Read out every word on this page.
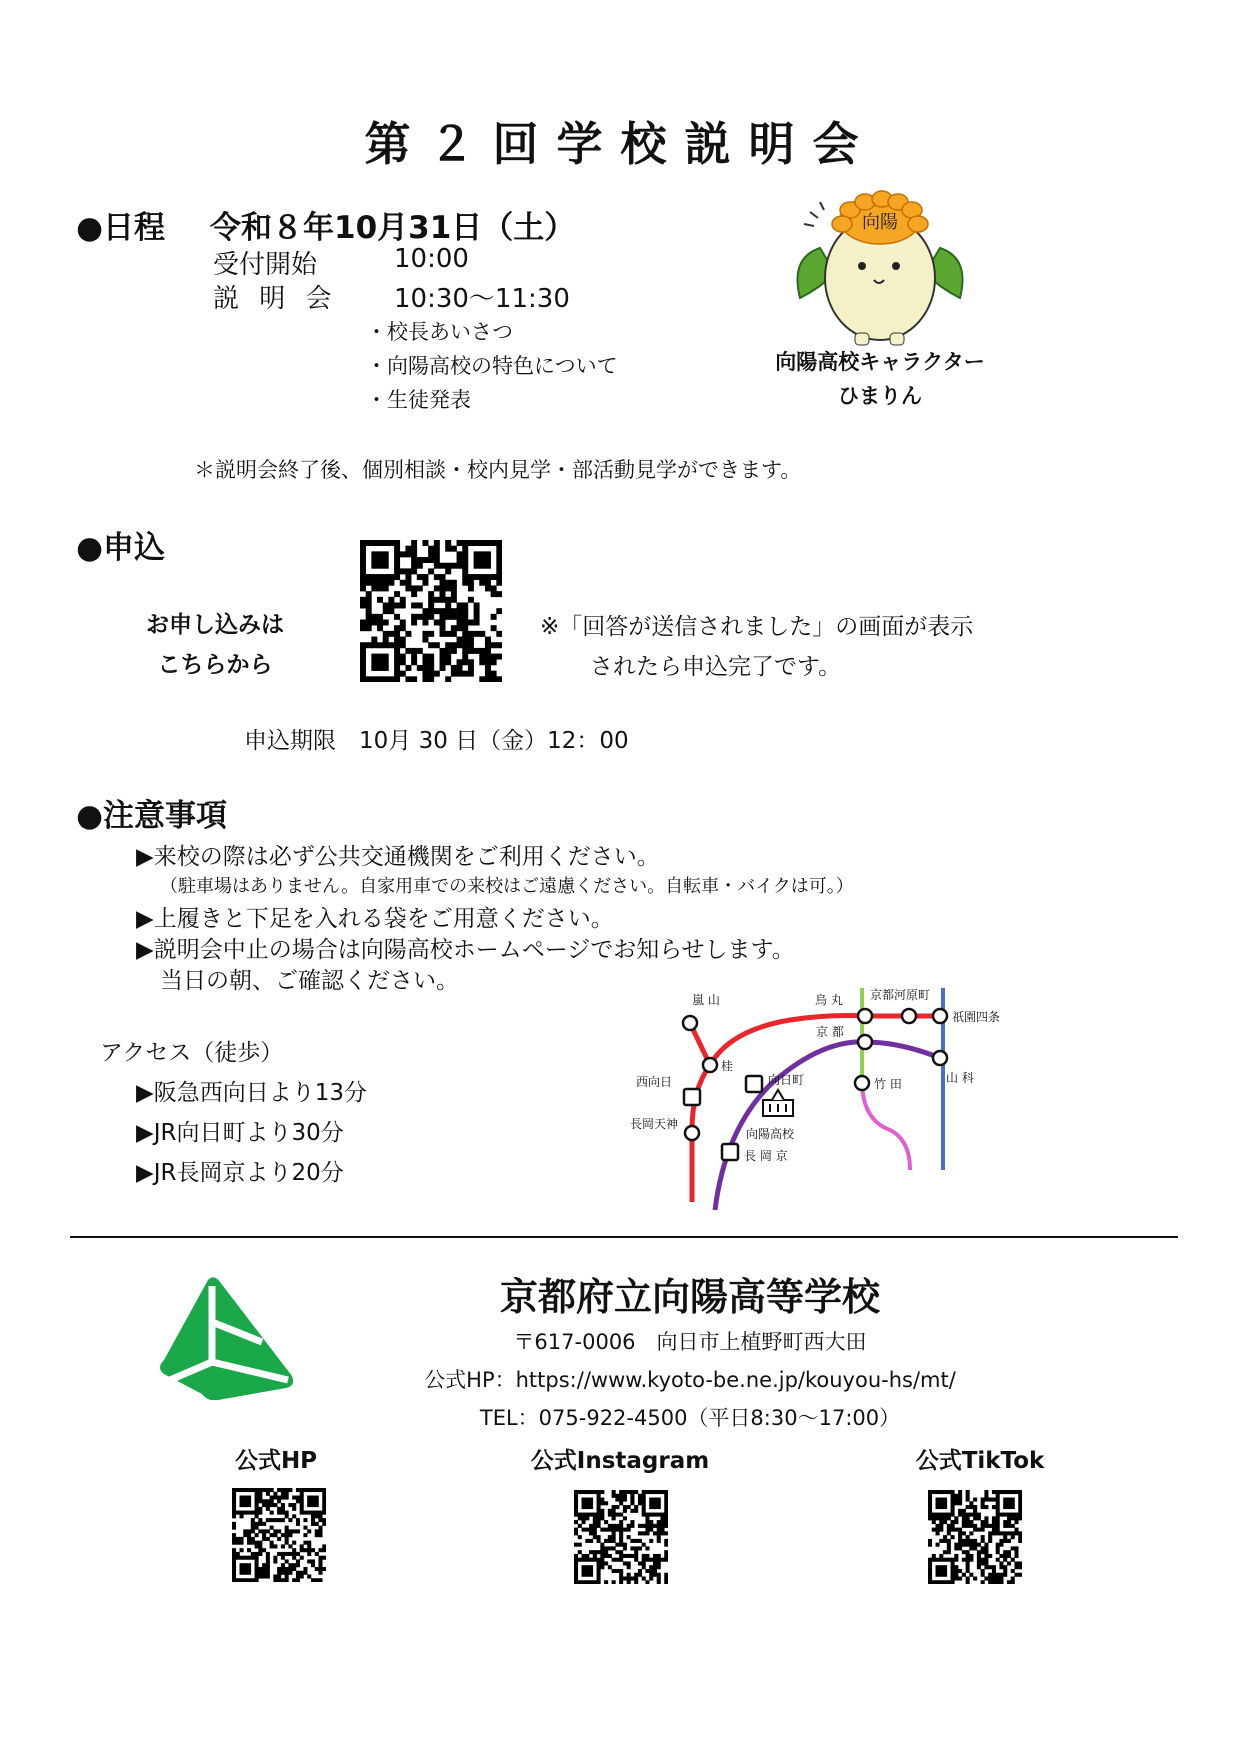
第２回学校説明会
●日程 令和８年10月31日（土）
受付開始	10:00
説 明 会 10:30〜11:30
・校長あいさつ
・向陽高校の特色について
・生徒発表
＊説明会終了後、個別相談・校内見学・部活動見学ができます。
向陽
向陽高校キャラクター
ひまりん
●申込
お申し込みは
こちらから
※「回答が送信されました」の画面が表示
されたら申込完了です。
申込期限　10月 30 日（金）12：00
●注意事項
▶来校の際は必ず公共交通機関をご利用ください。
（駐車場はありません。自家用車での来校はご遠慮ください。自転車・バイクは可。）
▶上履きと下足を入れる袋をご用意ください。
▶説明会中止の場合は向陽高校ホームページでお知らせします。
当日の朝、ご確認ください。
アクセス（徒歩）
▶阪急西向日より13分
▶JR向日町より30分
▶JR長岡京より20分
嵐 山	烏 丸 京都河原町
祇園四条
京 都
桂
山 科
西向日	向日町	竹 田
長岡天神
向陽高校
長 岡 京
京都府立向陽高等学校
〒617-0006　向日市上植野町西大田
公式HP：https://www.kyoto-be.ne.jp/kouyou-hs/mt/
TEL：075-922-4500（平日8:30〜17:00）
公式HP	公式Instagram	公式TikTok
